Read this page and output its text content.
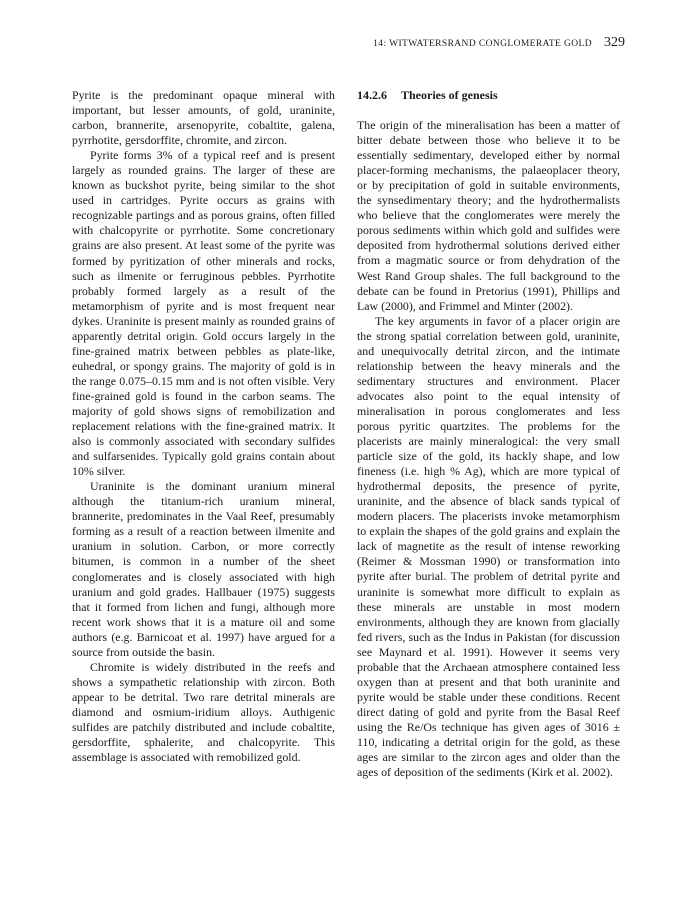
14: WITWATERSRAND CONGLOMERATE GOLD 329

Pyrite is the predominant opaque mineral with important, but lesser amounts, of gold, uraninite, carbon, brannerite, arsenopyrite, cobaltite, galena, pyrrhotite, gersdorffite, chromite, and zircon.

Pyrite forms 3% of a typical reef and is present largely as rounded grains. The larger of these are known as buckshot pyrite, being similar to the shot used in cartridges. Pyrite occurs as grains with recognizable partings and as porous grains, often filled with chalcopyrite or pyrrhotite. Some concretionary grains are also present. At least some of the pyrite was formed by pyritization of other minerals and rocks, such as ilmenite or ferruginous pebbles. Pyrrhotite probably formed largely as a result of the metamorphism of pyrite and is most frequent near dykes. Uraninite is present mainly as rounded grains of apparently detrital origin. Gold occurs largely in the fine-grained matrix between pebbles as plate-like, euhedral, or spongy grains. The majority of gold is in the range 0.075–0.15 mm and is not often visible. Very fine-grained gold is found in the carbon seams. The majority of gold shows signs of remobilization and replacement relations with the fine-grained matrix. It also is commonly associated with secondary sulfides and sulfarsenides. Typically gold grains contain about 10% silver.

Uraninite is the dominant uranium mineral although the titanium-rich uranium mineral, brannerite, predominates in the Vaal Reef, presumably forming as a result of a reaction between ilmenite and uranium in solution. Carbon, or more correctly bitumen, is common in a number of the sheet conglomerates and is closely associated with high uranium and gold grades. Hallbauer (1975) suggests that it formed from lichen and fungi, although more recent work shows that it is a mature oil and some authors (e.g. Barnicoat et al. 1997) have argued for a source from outside the basin.

Chromite is widely distributed in the reefs and shows a sympathetic relationship with zircon. Both appear to be detrital. Two rare detrital minerals are diamond and osmium-iridium alloys. Authigenic sulfides are patchily distributed and include cobaltite, gersdorffite, sphalerite, and chalcopyrite. This assemblage is associated with remobilized gold.

14.2.6 Theories of genesis

The origin of the mineralisation has been a matter of bitter debate between those who believe it to be essentially sedimentary, developed either by normal placer-forming mechanisms, the palaeoplacer theory, or by precipitation of gold in suitable environments, the synsedimentary theory; and the hydrothermalists who believe that the conglomerates were merely the porous sediments within which gold and sulfides were deposited from hydrothermal solutions derived either from a magmatic source or from dehydration of the West Rand Group shales. The full background to the debate can be found in Pretorius (1991), Phillips and Law (2000), and Frimmel and Minter (2002).

The key arguments in favor of a placer origin are the strong spatial correlation between gold, uraninite, and unequivocally detrital zircon, and the intimate relationship between the heavy minerals and the sedimentary structures and environment. Placer advocates also point to the equal intensity of mineralisation in porous conglomerates and less porous pyritic quartzites. The problems for the placerists are mainly mineralogical: the very small particle size of the gold, its hackly shape, and low fineness (i.e. high % Ag), which are more typical of hydrothermal deposits, the presence of pyrite, uraninite, and the absence of black sands typical of modern placers. The placerists invoke metamorphism to explain the shapes of the gold grains and explain the lack of magnetite as the result of intense reworking (Reimer & Mossman 1990) or transformation into pyrite after burial. The problem of detrital pyrite and uraninite is somewhat more difficult to explain as these minerals are unstable in most modern environments, although they are known from glacially fed rivers, such as the Indus in Pakistan (for discussion see Maynard et al. 1991). However it seems very probable that the Archaean atmosphere contained less oxygen than at present and that both uraninite and pyrite would be stable under these conditions. Recent direct dating of gold and pyrite from the Basal Reef using the Re/Os technique has given ages of 3016 ± 110, indicating a detrital origin for the gold, as these ages are similar to the zircon ages and older than the ages of deposition of the sediments (Kirk et al. 2002).
